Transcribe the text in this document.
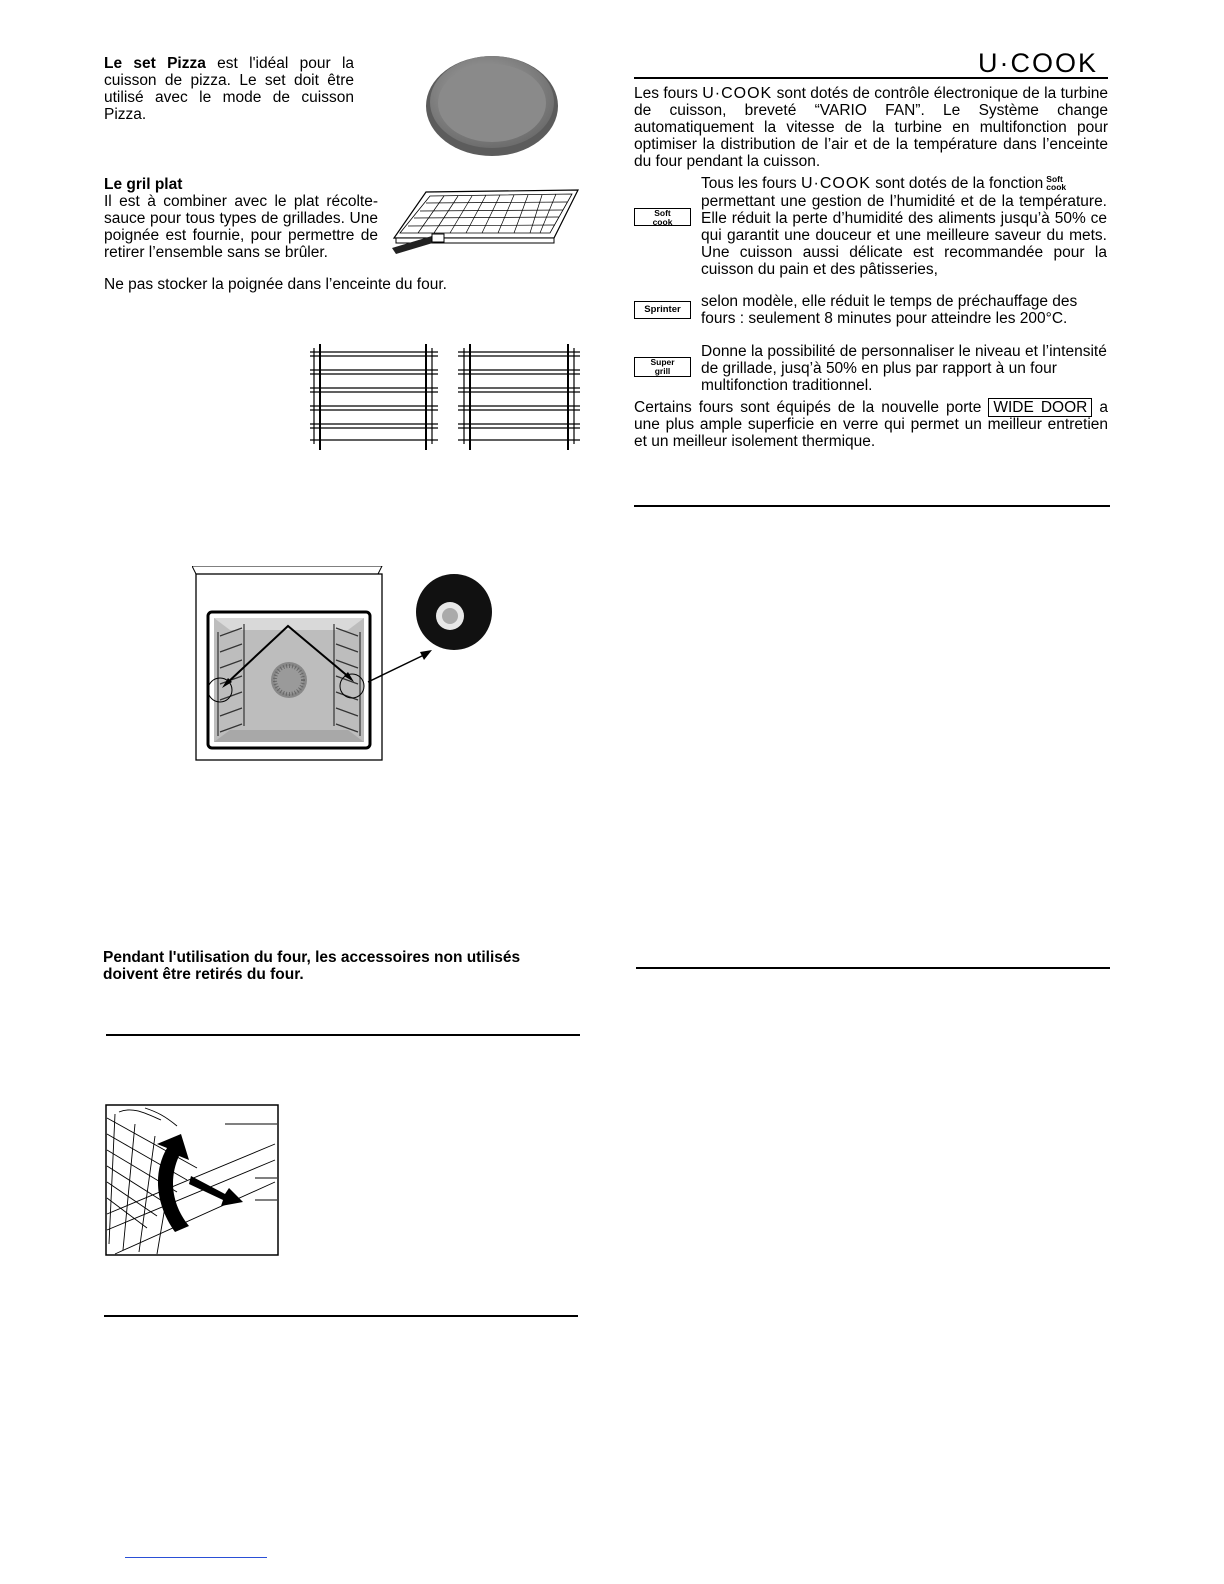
Le set Pizza est l'idéal pour la cuisson de pizza. Le set doit être utilisé avec le mode de cuisson Pizza.
Le gril plat
Il est à combiner avec le plat récolte-sauce pour tous types de grillades. Une poignée est fournie, pour permettre de retirer l’ensemble sans se brûler.
Ne pas stocker la poignée dans l’enceinte du four.
Pendant l'utilisation du four, les accessoires non utilisés doivent être retirés du four.
U·COOK
Les fours U·COOK sont dotés de contrôle électronique de la turbine de cuisson, breveté “VARIO FAN”. Le Système change automatiquement la vitesse de la turbine en multifonction pour optimiser la distribution de l’air et de la température dans l’enceinte du four pendant la cuisson.
Tous les fours U·COOK sont dotés de la fonction Soft
cook
permettant une gestion de l’humidité et de la température. Elle réduit la perte d’humidité des aliments jusqu’à 50% ce qui garantit une douceur et une meilleure saveur du mets. Une cuisson aussi délicate est recommandée pour la cuisson du pain et des pâtisseries,
Soft
cook
Sprinter	selon modèle, elle réduit le temps de préchauffage des fours : seulement 8 minutes pour atteindre les 200°C.
Super
grill
Donne la possibilité de personnaliser le niveau et l’intensité de grillade, jusq’à 50% en plus par rapport à un four multifonction traditionnel.
Certains fours sont équipés de la nouvelle porte WIDE DOOR a une plus ample superficie en verre qui permet un meilleur entretien et un meilleur isolement thermique.
